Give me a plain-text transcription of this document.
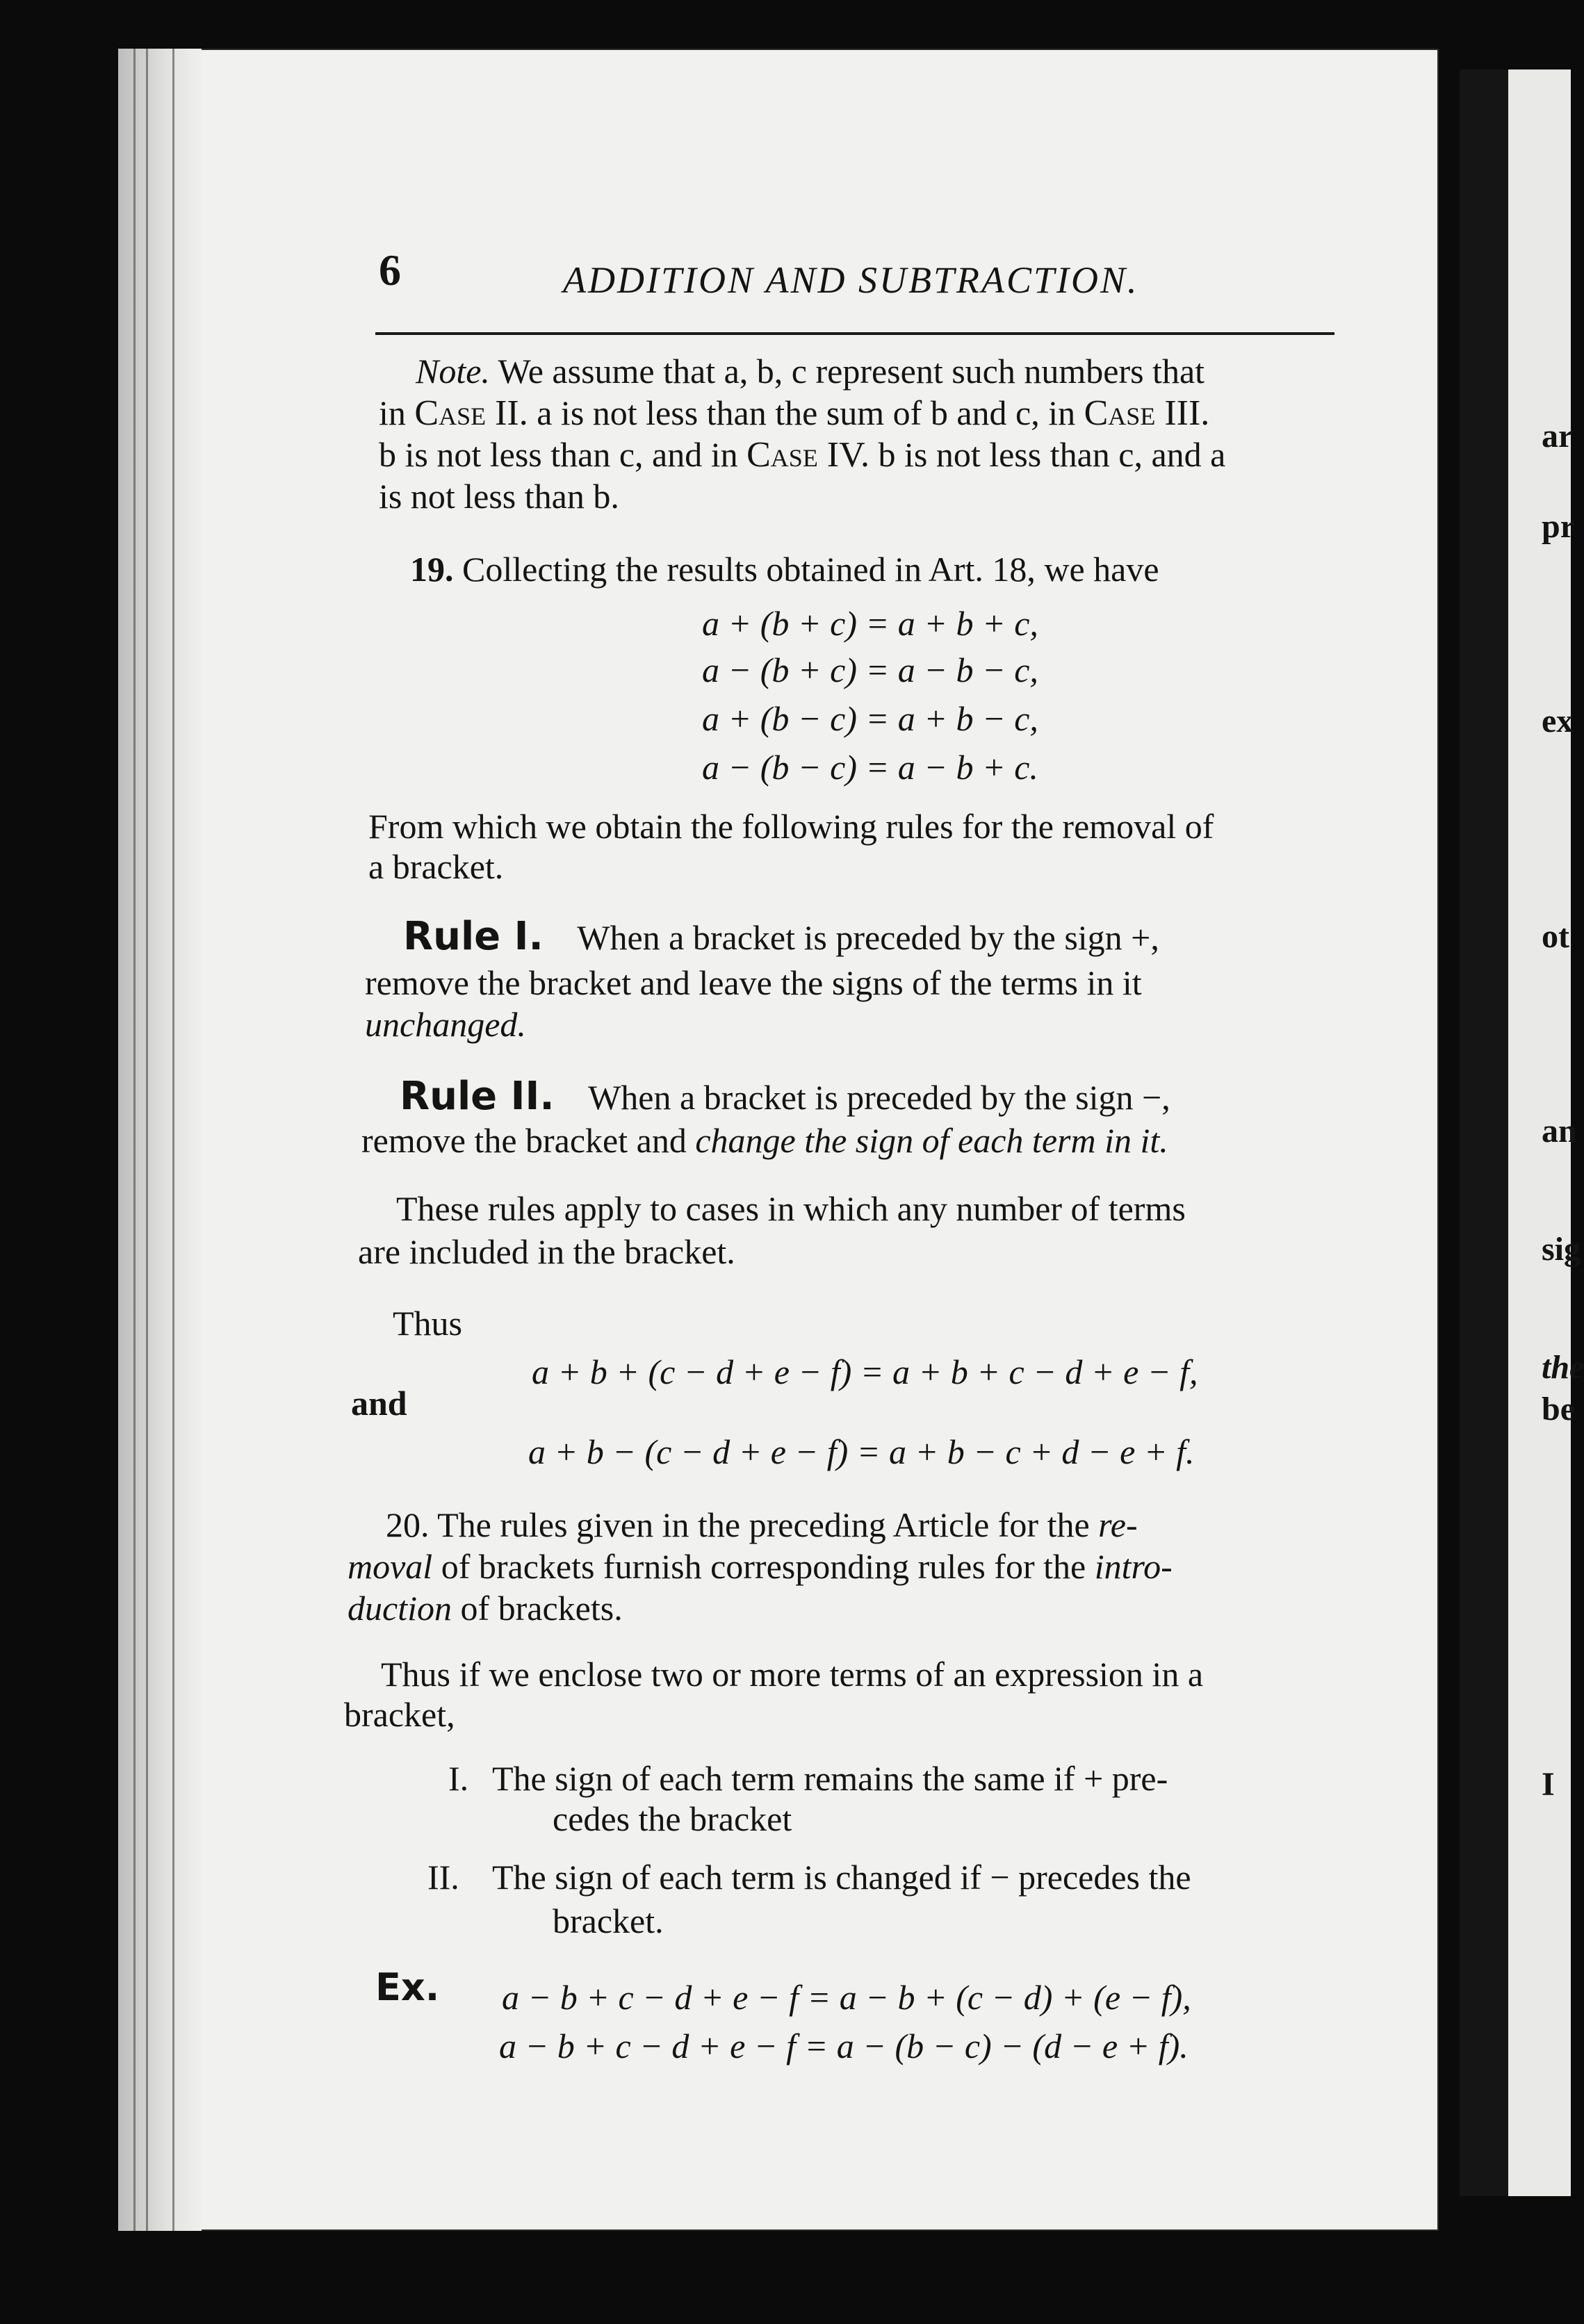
ar
pr
ex
ot
an
sig
the
be
I
6	ADDITION AND SUBTRACTION.
Note. We assume that a, b, c represent such numbers that
in Case II. a is not less than the sum of b and c, in Case III.
b is not less than c, and in Case IV. b is not less than c, and a
is not less than b.
19. Collecting the results obtained in Art. 18, we have
a + (b + c) = a + b + c,
a − (b + c) = a − b − c,
a + (b − c) = a + b − c,
a − (b − c) = a − b + c.
From which we obtain the following rules for the removal of
a bracket.
Rule I. When a bracket is preceded by the sign +,
remove the bracket and leave the signs of the terms in it
unchanged.
Rule II. When a bracket is preceded by the sign −,
remove the bracket and change the sign of each term in it.
These rules apply to cases in which any number of terms
are included in the bracket.
Thus
a + b + (c − d + e − f) = a + b + c − d + e − f,
and
a + b − (c − d + e − f) = a + b − c + d − e + f.
20. The rules given in the preceding Article for the re-
moval of brackets furnish corresponding rules for the intro-
duction of brackets.
Thus if we enclose two or more terms of an expression in a
bracket,
I. The sign of each term remains the same if + pre-
cedes the bracket
II. The sign of each term is changed if − precedes the
bracket.
Ex. a − b + c − d + e − f = a − b + (c − d) + (e − f),
a − b + c − d + e − f = a − (b − c) − (d − e + f).
